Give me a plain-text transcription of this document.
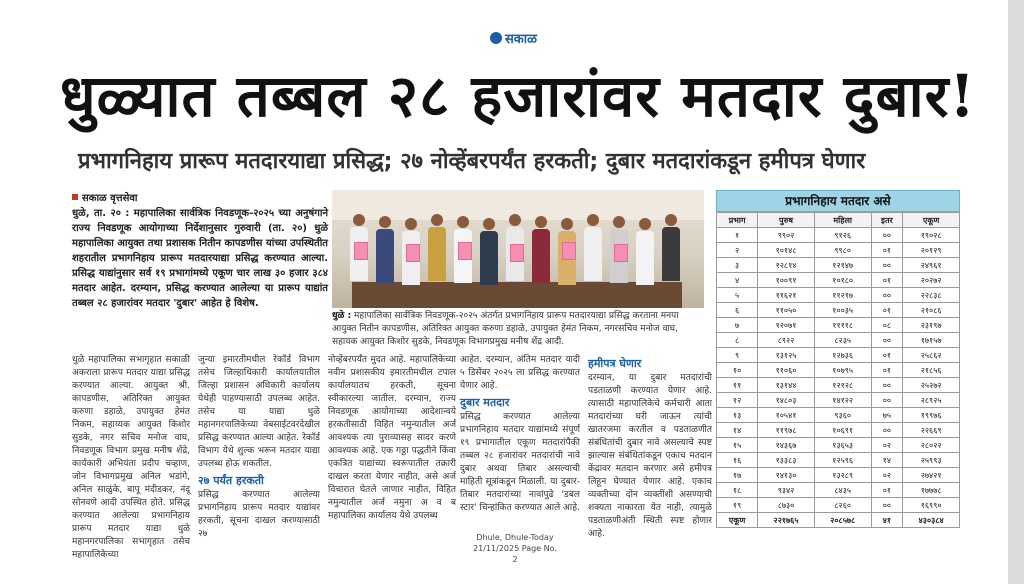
सकाळ
धुळ्यात तब्बल २८ हजारांवर मतदार दुबार!
प्रभागनिहाय प्रारूप मतदारयाद्या प्रसिद्ध; २७ नोव्हेंबरपर्यंत हरकती; दुबार मतदारांकडून हमीपत्र घेणार
सकाळ वृत्तसेवा
धुळे, ता. २० : महापालिका सार्वत्रिक निवडणूक-२०२५ च्या अनुषंगाने राज्य निवडणूक आयोगाच्या निर्देशानुसार गुरुवारी (ता. २०) धुळे महापालिका आयुक्त तथा प्रशासक नितीन कापडणीस यांच्या उपस्थितीत शहरातील प्रभागनिहाय प्रारूप मतदारयाद्या प्रसिद्ध करण्यात आल्या. प्रसिद्ध याद्यांनुसार सर्व १९ प्रभागांमध्ये एकूण चार लाख ३० हजार ३८४ मतदार आहेत. दरम्यान, प्रसिद्ध करण्यात आलेल्या या प्रारूप याद्यांत तब्बल २८ हजारांवर मतदार 'दुबार' आहेत हे विशेष.
धुळे : महापालिका सार्वत्रिक निवडणूक-२०२५ अंतर्गत प्रभागनिहाय प्रारूप मतदारयाद्या प्रसिद्ध करताना मनपा आयुक्त नितीन कापडणीस, अतिरिक्त आयुक्त करुणा डहाळे, उपायुक्त हेमंत निकम, नगरसचिव मनोज वाघ, सहायक आयुक्त किशोर सुडके, निवडणूक विभागप्रमुख मनीष शेंद्र आदी.
धुळे महापालिका सभागृहात सकाळी अकराला प्रारूप मतदार याद्या प्रसिद्ध करण्यात आल्या. आयुक्त श्री. कापडणीस, अतिरिक्त आयुक्त करुणा डहाळे, उपायुक्त हेमंत निकम, सहाय्यक आयुक्त किशोर सुडके, नगर सचिव मनोज वाघ, निवडणूक विभाग प्रमुख मनीष शेंद्रे, कार्यकारी अभियंता प्रदीप चव्हाण, जोन विभागप्रमुख अनिल भडांगे, अनिल साळुंके, बापू मंदीडकर, नंदू सोनवणे आदी उपस्थित होते. प्रसिद्ध करण्यात आलेल्या प्रभागनिहाय प्रारूप मतदार याद्या धुळे महानगरपालिका सभागृहात तसेच महापालिकेच्या
जुन्या इमारतीमधील रेकॉर्ड विभाग तसेच जिल्हाधिकारी कार्यालयातील जिल्हा प्रशासन अधिकारी कार्यालय येथेही पाहण्यासाठी उपलब्ध आहेत. तसेच या याद्या धुळे महानगरपालिकेच्या वेबसाईटवरदेखील प्रसिद्ध करण्यात आल्या आहेत. रेकॉर्ड विभाग येथे शुल्क भरून मतदार याद्या उपलब्ध होऊ शकतील.
२७ पर्यंत हरकती
प्रसिद्ध करण्यात आलेल्या प्रभागनिहाय प्रारूप मतदार याद्यांवर हरकती, सूचना दाखल करण्यासाठी २७
नोव्हेंबरपर्यंत मुदत आहे. महापालिकेच्या नवीन प्रशासकीय इमारतीमधील टपाल कार्यालयातच हरकती, सूचना स्वीकारल्या जातील. दरम्यान, राज्य निवडणूक आयोगाच्या आदेशान्वये हरकतीसाठी विहित नमुन्यातील अर्ज आवश्यक त्या पुराव्यासह सादर करणे आवश्यक आहे. एक गठ्ठा पद्धतीने किंवा एकत्रित याद्यांच्या स्वरूपातील तक्रारी दाखल करता येणार नाहीत, असे अर्ज विचारात घेतले जाणार नाहीत, विहित नमुन्यातील अर्ज नमुना अ व ब महापालिका कार्यालय येथे उपलब्ध
आहेत. दरम्यान, अंतिम मतदार यादी ५ डिसेंबर २०२५ ला प्रसिद्ध करण्यात येणार आहे.
दुबार मतदार
प्रसिद्ध करण्यात आलेल्या प्रभागनिहाय मतदार याद्यांमध्ये संपूर्ण १९ प्रभागातील एकूण मतदारांपैकी तब्बल २८ हजारांवर मतदारांची नावे दुबार अथवा तिबार असल्याची माहिती सूत्रांकडून मिळाली. या दुबार-तिबार मतदारांच्या नावांपुढे 'डबल स्टार' चिन्हांकित करण्यात आले आहे.
हमीपत्र घेणार
दरम्यान, या दुबार मतदारांची पडताळणी करण्यात येणार आहे. त्यासाठी महापालिकेचे कर्मचारी आता मतदारांच्या घरी जाऊन त्यांची खातरजमा करतील व पडताळणीत संबंधितांची दुबार नावे असल्याचे स्पष्ट झाल्यास संबंधितांकडून एकाच मतदान केंद्रावर मतदान करणार असे हमीपत्र लिहून घेण्यात येणार आहे. एकाच व्यक्तीच्या दोन व्यक्तींशी असण्याची शक्यता नाकारता येत नाही, त्यामुळे पडताळणीअंती स्थिती स्पष्ट होणार आहे.
Dhule, Dhule-Today
21/11/2025 Page No. 2
प्रभागनिहाय मतदार असे
प्रभाग	पुरुष	महिला	इतर	एकूण
१	९९०२	९१२६	००	१९०२८
२	१०१४८	९९८०	०१	२०१२९
३	१२८१४	१२१४७	००	२४९६१
४	१००९१	१०१८०	०१	२०२७२
५	११६२१	११२१७	००	२२८३८
६	११०५०	१००३५	०१	२१०८६
७	१२०७१	११११८	०८	२३१९७
८	८९२२	८२३५	००	१७१५७
९	१३१२५	१२७३६	०१	२५८६२
१०	११०६०	१०७९५	०१	२१८५६
११	१३१४४	१२१२८	००	२५२७२
१२	१४८०३	१४१२२	००	२८९२५
१३	१०५४१	९३६०	७५	१९९७६
१४	११९७८	१०६९१	००	२२६६९
१५	१४३६७	१३६५३	०२	२८०२२
१६	१३३८३	१२५९६	१४	२५९९३
१७	१४१३०	१३२८९	०२	२७४२१
१८	९३४२	८४३५	०१	१७७७८
१९	८७३०	८२६०	००	१६९९०
एकूण	२२१७६५	२०८५७८	४१	४३०३८४
